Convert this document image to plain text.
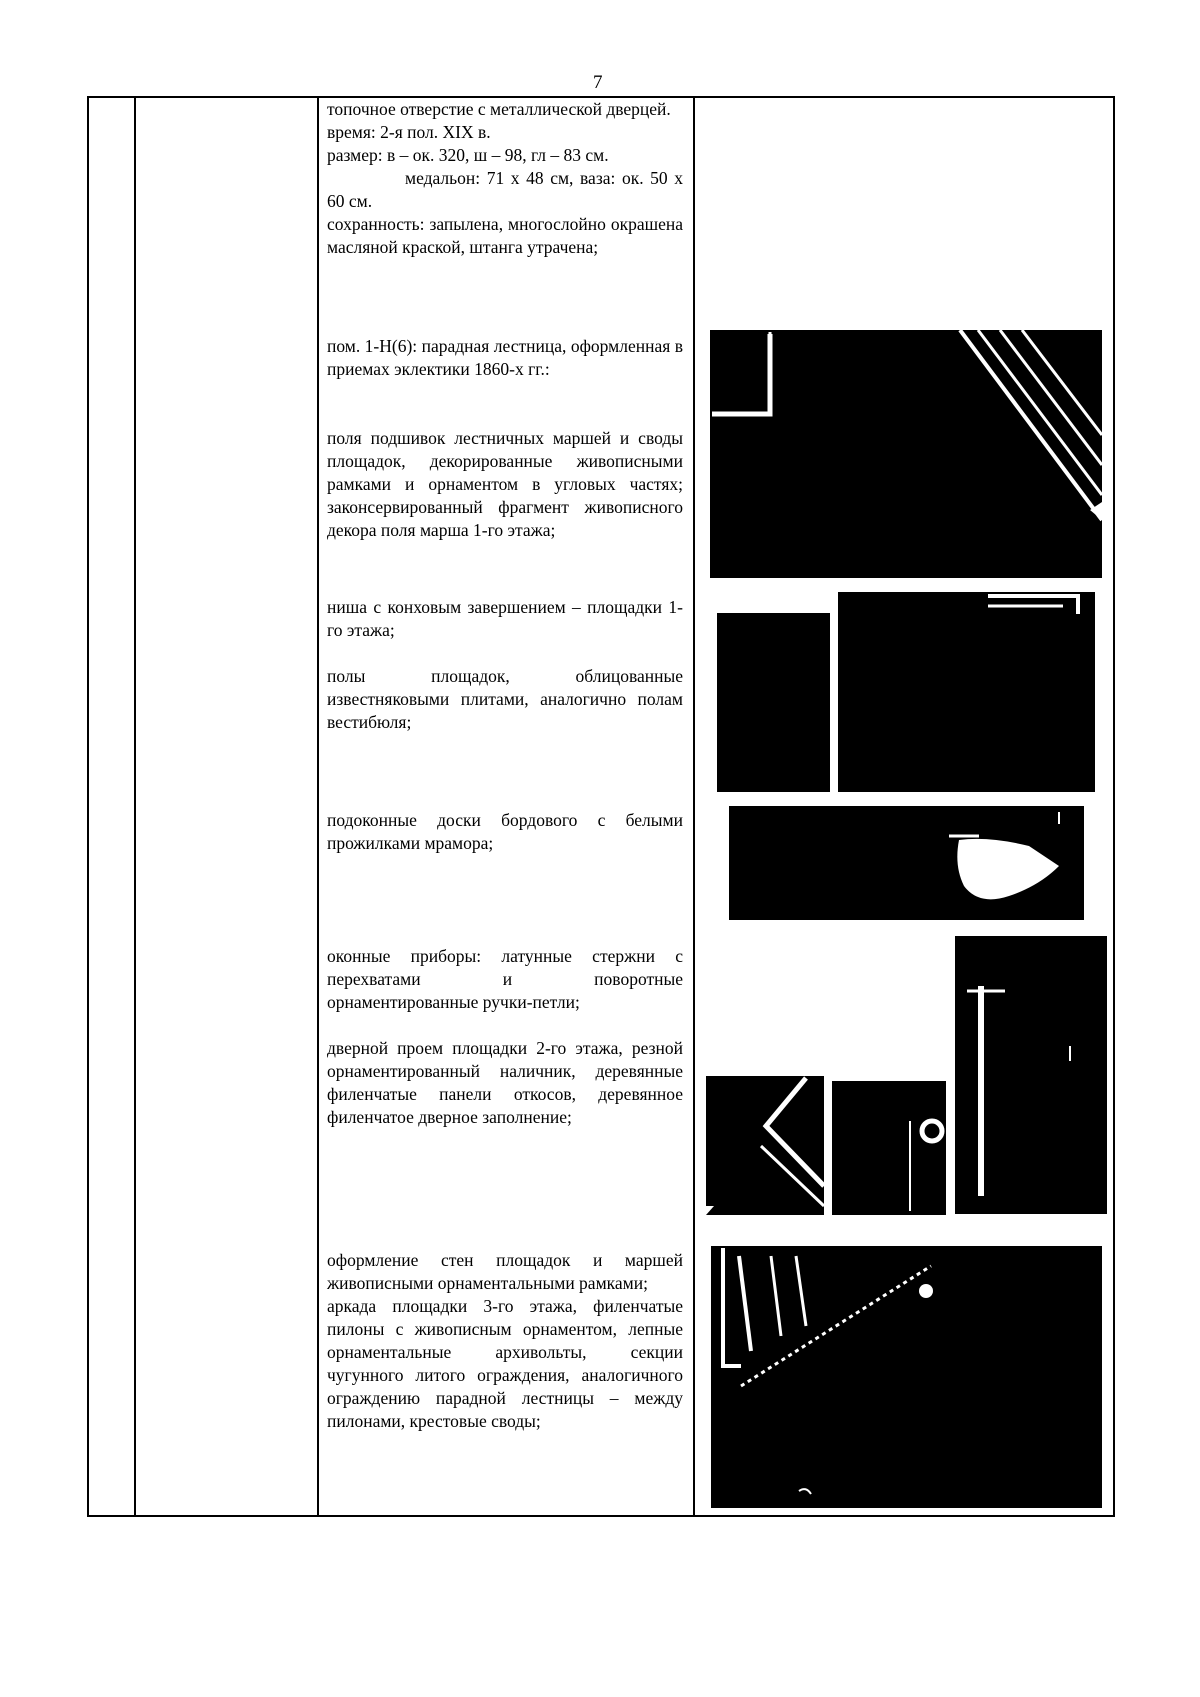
7

топочное отверстие с металлической дверцей.

время: 2-я пол. XIX в.

размер: в – ок. 320, ш – 98, гл – 83 см.

медальон: 71 х 48 см, ваза: ок. 50 х 60 см.

сохранность: запылена, многослойно окрашена масляной краской, штанга утрачена;

пом. 1-Н(6): парадная лестница, оформленная в приемах эклектики 1860-х гг.:

поля подшивок лестничных маршей и своды площадок, декорированные живописными рамками и орнаментом в угловых частях; законсервированный фрагмент живописного декора поля марша 1-го этажа;

ниша с конховым завершением – площадки 1-го этажа;

полы площадок, облицованные известняковыми плитами, аналогично полам вестибюля;

подоконные доски бордового с белыми прожилками мрамора;

оконные приборы: латунные стержни с перехватами и поворотные орнаментированные ручки-петли;

дверной проем площадки 2-го этажа, резной орнаментированный наличник, деревянные филенчатые панели откосов, деревянное филенчатое дверное заполнение;

оформление стен площадок и маршей живописными орнаментальными рамками;

аркада площадки 3-го этажа, филенчатые пилоны с живописным орнаментом, лепные орнаментальные архивольты, секции чугунного литого ограждения, аналогичного ограждению парадной лестницы – между пилонами, крестовые своды;
